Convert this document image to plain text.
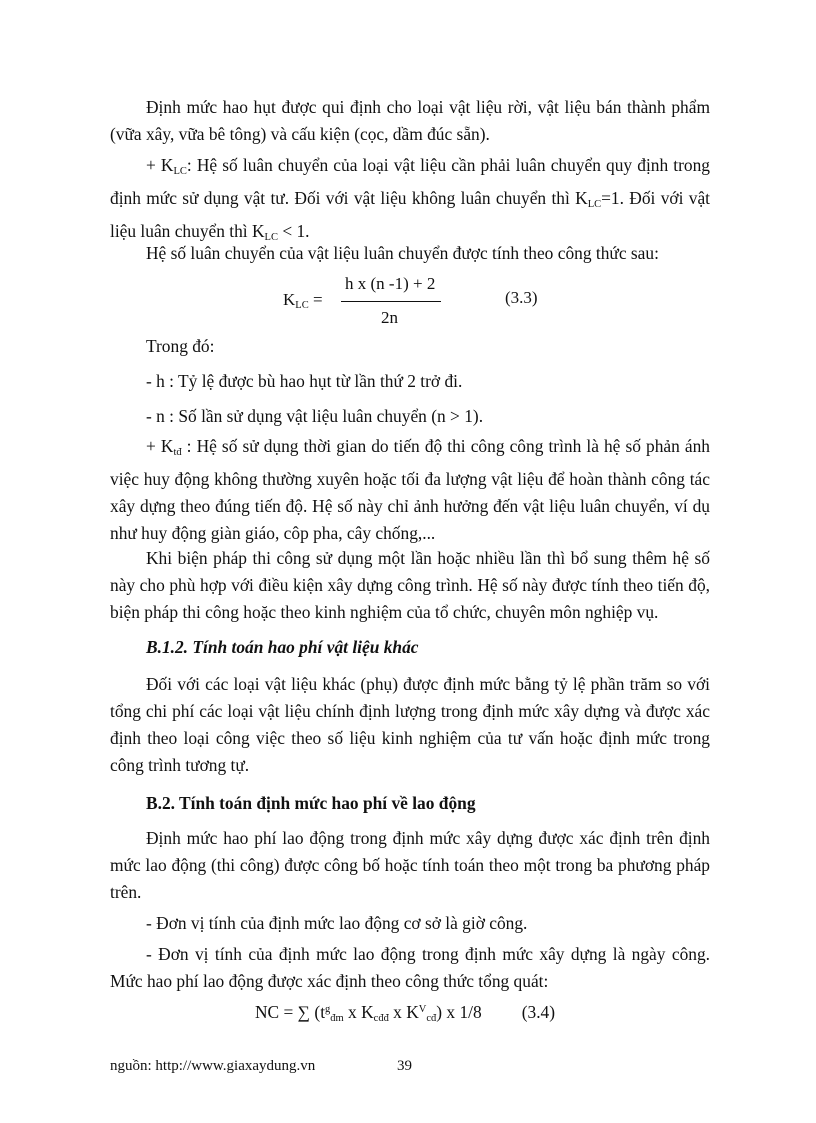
Định mức hao hụt được qui định cho loại vật liệu rời, vật liệu bán thành phẩm (vữa xây, vữa bê tông) và cấu kiện (cọc, dầm đúc sẵn).

+ $K_{LC}$: Hệ số luân chuyển của loại vật liệu cần phải luân chuyển quy định trong định mức sử dụng vật tư. Đối với vật liệu không luân chuyển thì $K_{LC}=1$. Đối với vật liệu luân chuyển thì $K_{LC} < 1$.

Hệ số luân chuyển của vật liệu luân chuyển được tính theo công thức sau:

$K_{LC}$ =
h x (n -1) + 2
2n
(3.3)

Trong đó:

- h : Tỷ lệ được bù hao hụt từ lần thứ 2 trở đi.

- n : Số lần sử dụng vật liệu luân chuyển (n > 1).

+ $K_{tđ}$ : Hệ số sử dụng thời gian do tiến độ thi công công trình là hệ số phản ánh việc huy động không thường xuyên hoặc tối đa lượng vật liệu để hoàn thành công tác xây dựng theo đúng tiến độ. Hệ số này chỉ ảnh hưởng đến vật liệu luân chuyển, ví dụ như huy động giàn giáo, côp pha, cây chống,...

Khi biện pháp thi công sử dụng một lần hoặc nhiều lần thì bổ sung thêm hệ số này cho phù hợp với điều kiện xây dựng công trình. Hệ số này được tính theo tiến độ, biện pháp thi công hoặc theo kinh nghiệm của tổ chức, chuyên môn nghiệp vụ.

B.1.2. Tính toán hao phí vật liệu khác

Đối với các loại vật liệu khác (phụ) được định mức bằng tỷ lệ phần trăm so với tổng chi phí các loại vật liệu chính định lượng trong định mức xây dựng và được xác định theo loại công việc theo số liệu kinh nghiệm của tư vấn hoặc định mức trong công trình tương tự.

B.2. Tính toán định mức hao phí về lao động

Định mức hao phí lao động trong định mức xây dựng được xác định trên định mức lao động (thi công) được công bố hoặc tính toán theo một trong ba phương pháp trên.

- Đơn vị tính của định mức lao động cơ sở là giờ công.

- Đơn vị tính của định mức lao động trong định mức xây dựng là ngày công. Mức hao phí lao động được xác định theo công thức tổng quát:

NC = ∑ ($t^g_{đm}$ x $K_{cđđ}$ x $K^V_{cđ}$) x 1/8 (3.4)
nguồn: http://www.giaxaydung.vn	39
